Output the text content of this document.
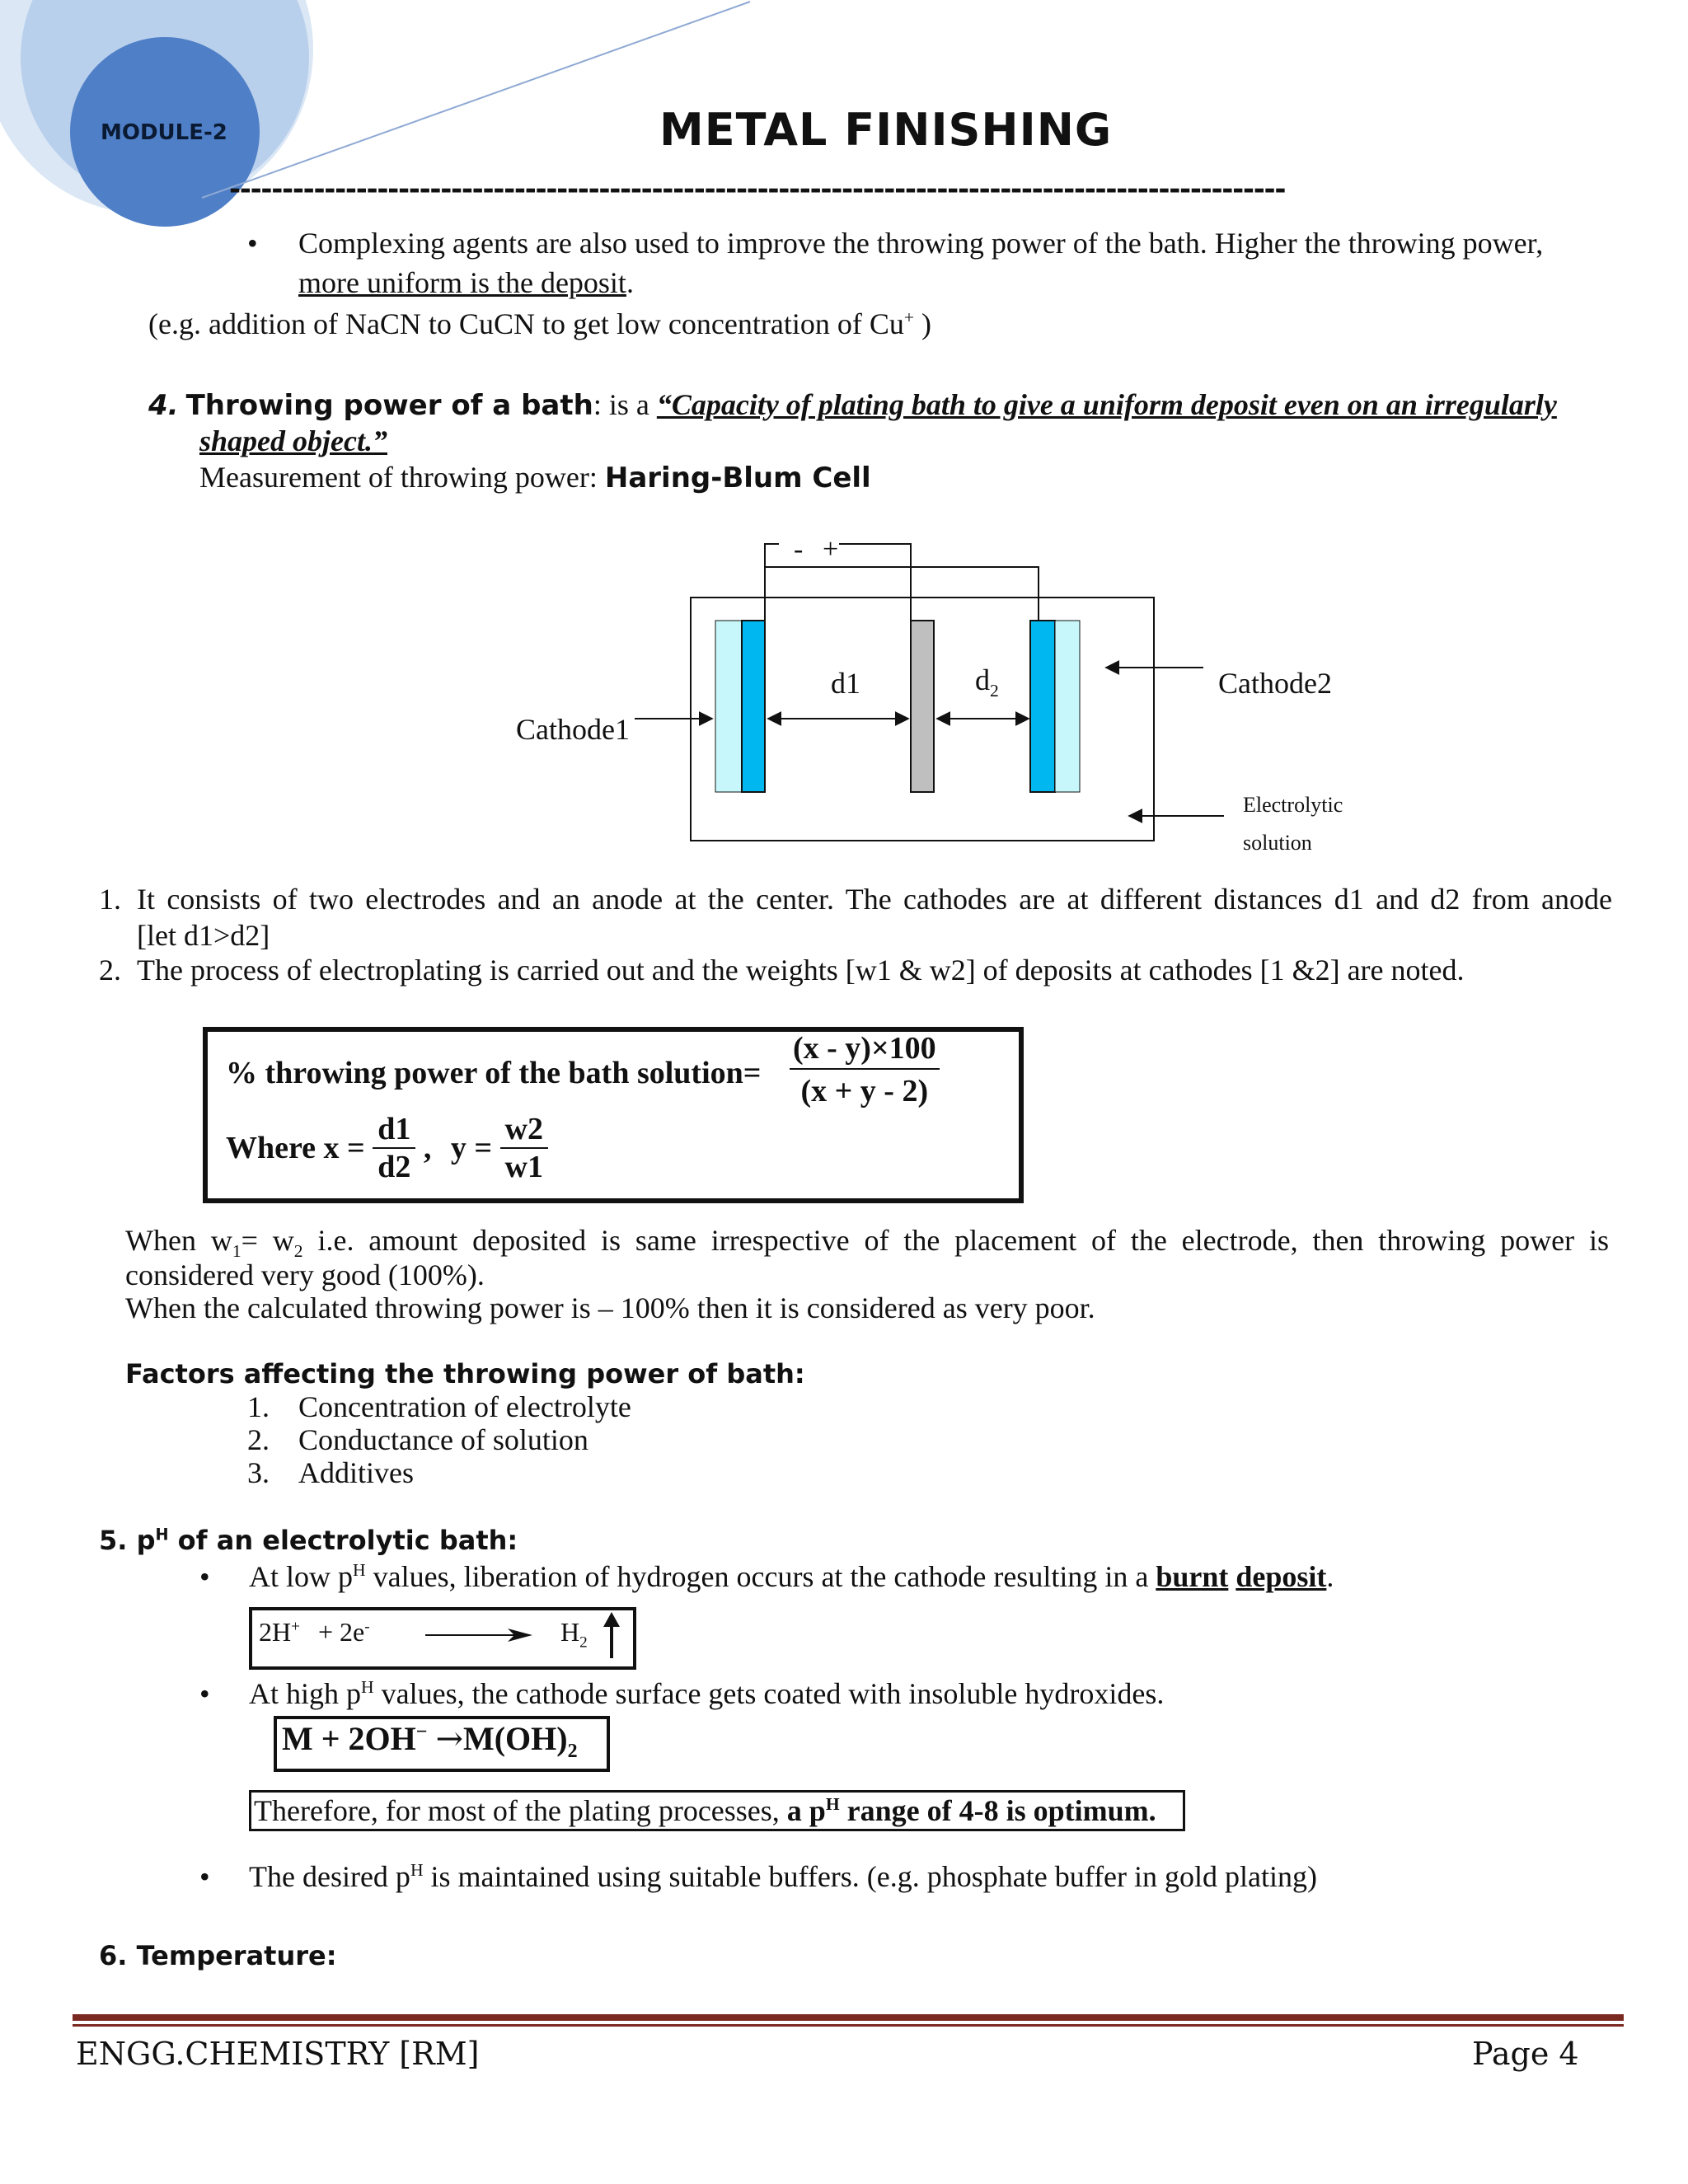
MODULE-2	METAL FINISHING
----------------------------------------------------------------------------------------------------
• Complexing agents are also used to improve the throwing power of the bath. Higher the throwing power,
more uniform is the deposit.
(e.g. addition of NaCN to CuCN to get low concentration of Cu+ )
4. Throwing power of a bath: is a “Capacity of plating bath to give a uniform deposit even on an irregularly
shaped object.”
Measurement of throwing power: Haring-Blum Cell
- +
d1	$d_2$
Cathode1
Cathode2
Electrolytic
solution
1. It consists of two electrodes and an anode at the center. The cathodes are at different distances d1 and d2 from anode
[let d1>d2]
2. The process of electroplating is carried out and the weights [w1 & w2] of deposits at cathodes [1 &2] are noted.
% throwing power of the bath solution= $\frac{(x - y)\times 100}{(x + y - 2)}$
Where $x = \frac{d1}{d2}$ , $y = \frac{w2}{w1}$
When $w_1= w_2$ i.e. amount deposited is same irrespective of the placement of the electrode, then throwing power is
considered very good (100%).
When the calculated throwing power is – 100% then it is considered as very poor.
Factors affecting the throwing power of bath:
1. Concentration of electrolyte
2. Conductance of solution
3. Additives
5. $p^H$ of an electrolytic bath:
• At low $p^H$ values, liberation of hydrogen occurs at the cathode resulting in a burnt deposit.
2H+ + 2e-	$H_2$
• At high $p^H$ values, the cathode surface gets coated with insoluble hydroxides.
$M + 2OH^- \to M(OH)_2$
Therefore, for most of the plating processes, a $p^H$ range of 4-8 is optimum.
• The desired $p^H$ is maintained using suitable buffers. (e.g. phosphate buffer in gold plating)
6. Temperature:
ENGG.CHEMISTRY [RM]	Page 4
